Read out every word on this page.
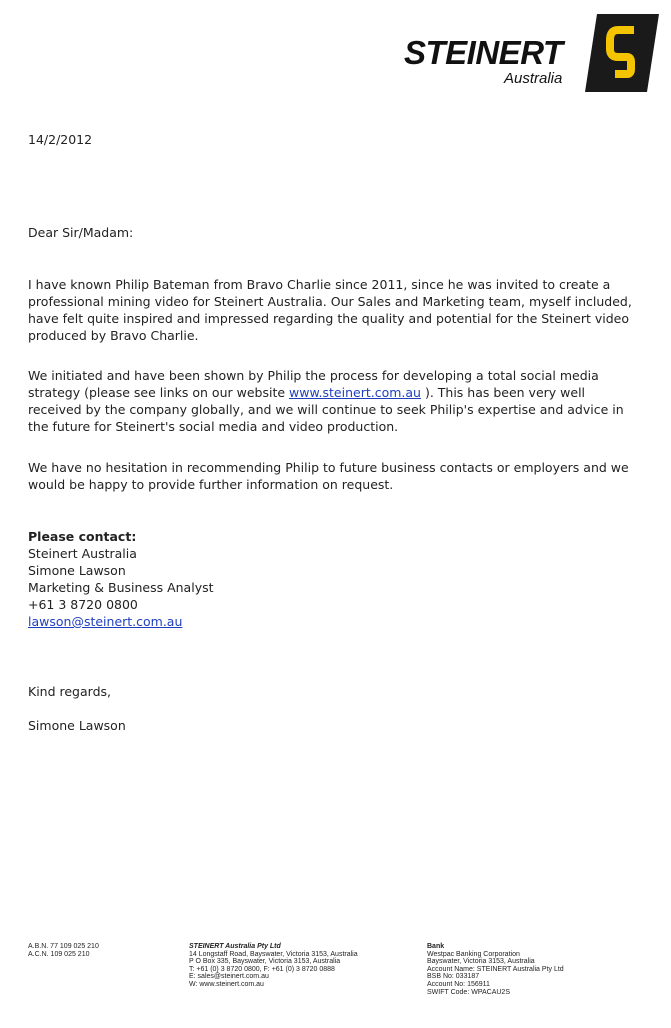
STEINERT
Australia

14/2/2012

Dear Sir/Madam:

I have known Philip Bateman from Bravo Charlie since 2011, since he was invited to create a professional mining video for Steinert Australia. Our Sales and Marketing team, myself included, have felt quite inspired and impressed regarding the quality and potential for the Steinert video produced by Bravo Charlie.

We initiated and have been shown by Philip the process for developing a total social media strategy (please see links on our website www.steinert.com.au ). This has been very well received by the company globally, and we will continue to seek Philip's expertise and advice in the future for Steinert's social media and video production.

We have no hesitation in recommending Philip to future business contacts or employers and we would be happy to provide further information on request.

Please contact:
Steinert Australia
Simone Lawson
Marketing & Business Analyst
+61 3 8720 0800
lawson@steinert.com.au

Kind regards,

Simone Lawson

A.B.N. 77 109 025 210
A.C.N. 109 025 210
STEINERT Australia Pty Ltd
14 Longstaff Road, Bayswater, Victoria 3153, Australia
P O Box 335, Bayswater, Victoria 3153, Australia
T: +61 (0) 3 8720 0800, F: +61 (0) 3 8720 0888
E: sales@steinert.com.au
W: www.steinert.com.au
Bank
Westpac Banking Corporation
Bayswater, Victoria 3153, Australia
Account Name: STEINERT Australia Pty Ltd
BSB No: 033187
Account No: 156911
SWIFT Code: WPACAU2S
